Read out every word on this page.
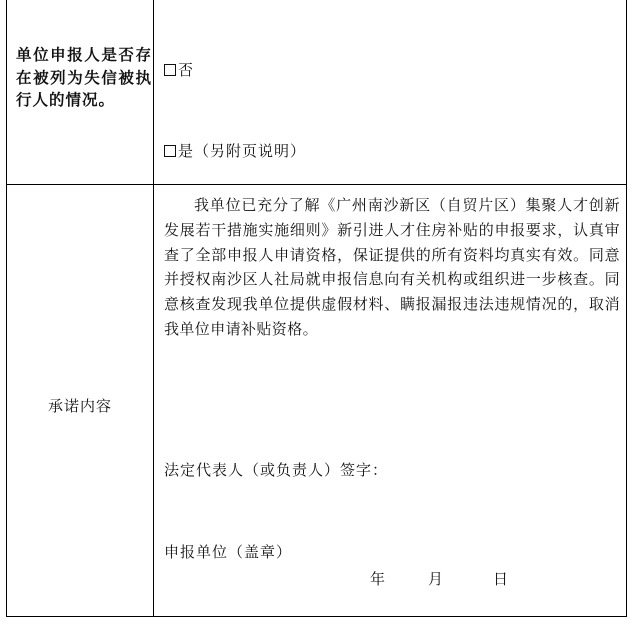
单位申报人是否存在被列为失信被执行人的情况。

否
是（另附页说明）

承诺内容

我单位已充分了解《广州南沙新区（自贸片区）集聚人才创新发展若干措施实施细则》新引进人才住房补贴的申报要求，认真审查了全部申报人申请资格，保证提供的所有资料均真实有效。同意并授权南沙区人社局就申报信息向有关机构或组织进一步核查。同意核查发现我单位提供虚假材料、瞒报漏报违法违规情况的，取消我单位申请补贴资格。

法定代表人（或负责人）签字：
申报单位（盖章）
年	月	日
